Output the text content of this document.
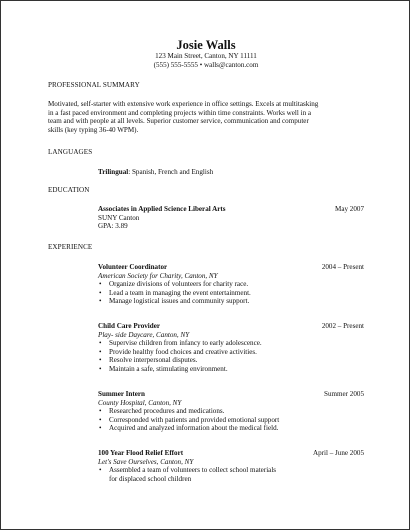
Josie Walls
123 Main Street, Canton, NY 11111
(555) 555-5555 • walls@canton.com
PROFESSIONAL SUMMARY
Motivated, self-starter with extensive work experience in office settings. Excels at multitasking
in a fast paced environment and completing projects within time constraints. Works well in a
team and with people at all levels. Superior customer service, communication and computer
skills (key typing 36-40 WPM).
LANGUAGES
Trilingual: Spanish, French and English
EDUCATION
Associates in Applied Science Liberal Arts	May 2007
SUNY Canton
GPA: 3.89
EXPERIENCE
Volunteer Coordinator	2004 – Present
American Society for Charity, Canton, NY
• Organize divisions of volunteers for charity race.
• Lead a team in managing the event entertainment.
• Manage logistical issues and community support.
Child Care Provider	2002 – Present
Play- side Daycare, Canton, NY
• Supervise children from infancy to early adolescence.
• Provide healthy food choices and creative activities.
• Resolve interpersonal disputes.
• Maintain a safe, stimulating environment.
Summer Intern	Summer 2005
County Hospital, Canton, NY
• Researched procedures and medications.
• Corresponded with patients and provided emotional support
• Acquired and analyzed information about the medical field.
100 Year Flood Relief Effort	April – June 2005
Let's Save Ourselves, Canton, NY
• Assembled a team of volunteers to collect school materials
for displaced school children
